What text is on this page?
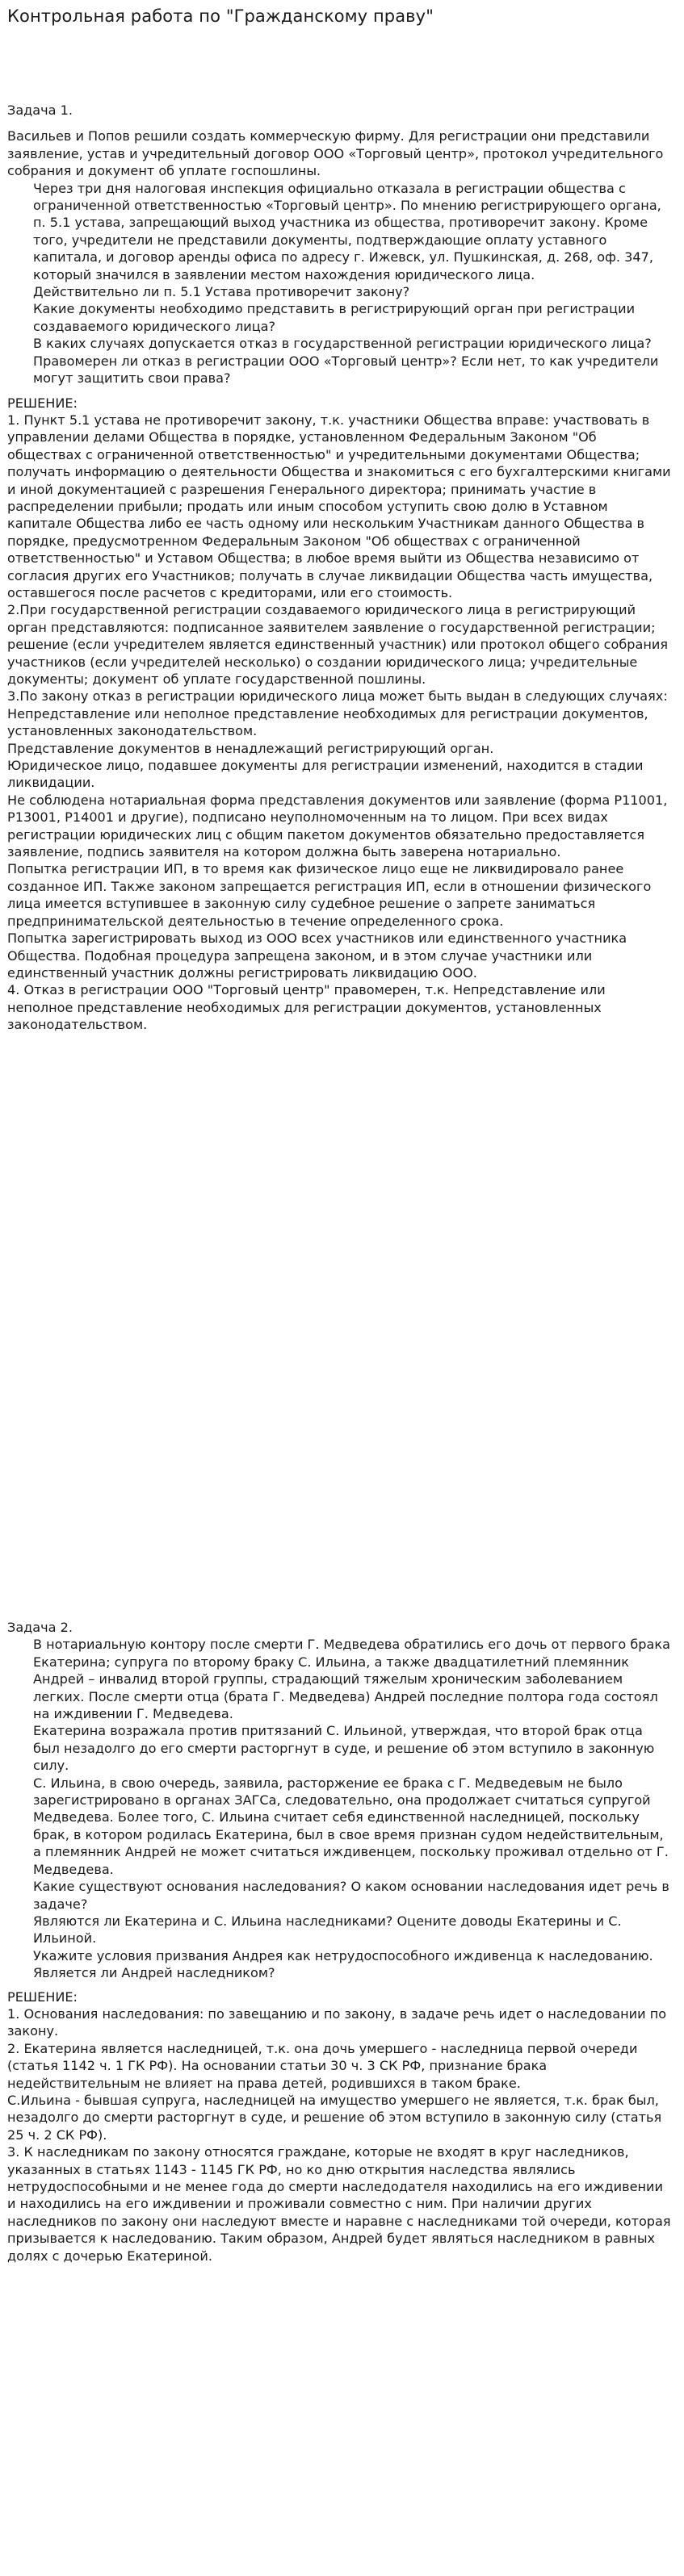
Контрольная работа по "Гражданскому праву"

Задача 1.

Васильев и Попов решили создать коммерческую фирму. Для регистрации они представили заявление, устав и учредительный договор ООО «Торговый центр», протокол учредительного собрания и документ об уплате госпошлины.

Через три дня налоговая инспекция официально отказала в регистрации общества с ограниченной ответственностью «Торговый центр». По мнению регистрирующего органа, п. 5.1 устава, запрещающий выход участника из общества, противоречит закону. Кроме того, учредители не представили документы, подтверждающие оплату уставного капитала, и договор аренды офиса по адресу г. Ижевск, ул. Пушкинская, д. 268, оф. 347, который значился в заявлении местом нахождения юридического лица.

Действительно ли п. 5.1 Устава противоречит закону?

Какие документы необходимо представить в регистрирующий орган при регистрации создаваемого юридического лица?

В каких случаях допускается отказ в государственной регистрации юридического лица?

Правомерен ли отказ в регистрации ООО «Торговый центр»? Если нет, то как учредители могут защитить свои права?

РЕШЕНИЕ:

1. Пункт 5.1 устава не противоречит закону, т.к. участники Общества вправе: участвовать в управлении делами Общества в порядке, установленном Федеральным Законом "Об обществах с ограниченной ответственностью" и учредительными документами Общества; получать информацию о деятельности Общества и знакомиться с его бухгалтерскими книгами и иной документацией с разрешения Генерального директора; принимать участие в распределении прибыли; продать или иным способом уступить свою долю в Уставном капитале Общества либо ее часть одному или нескольким Участникам данного Общества в порядке, предусмотренном Федеральным Законом "Об обществах с ограниченной ответственностью" и Уставом Общества; в любое время выйти из Общества независимо от согласия других его Участников; получать в случае ликвидации Общества часть имущества, оставшегося после расчетов с кредиторами, или его стоимость.

2.При государственной регистрации создаваемого юридического лица в регистрирующий орган представляются: подписанное заявителем заявление о государственной регистрации; решение (если учредителем является единственный участник) или протокол общего собрания участников (если учредителей несколько) о создании юридического лица; учредительные документы; документ об уплате государственной пошлины.

3.По закону отказ в регистрации юридического лица может быть выдан в следующих случаях:

Непредставление или неполное представление необходимых для регистрации документов, установленных законодательством.

Представление документов в ненадлежащий регистрирующий орган.

Юридическое лицо, подавшее документы для регистрации изменений, находится в стадии ликвидации.

Не соблюдена нотариальная форма представления документов или заявление (форма Р11001, Р13001, Р14001 и другие), подписано неуполномоченным на то лицом. При всех видах регистрации юридических лиц с общим пакетом документов обязательно предоставляется заявление, подпись заявителя на котором должна быть заверена нотариально.

Попытка регистрации ИП, в то время как физическое лицо еще не ликвидировало ранее созданное ИП. Также законом запрещается регистрация ИП, если в отношении физического лица имеется вступившее в законную силу судебное решение о запрете заниматься предпринимательской деятельностью в течение определенного срока.

Попытка зарегистрировать выход из ООО всех участников или единственного участника Общества. Подобная процедура запрещена законом, и в этом случае участники или единственный участник должны регистрировать ликвидацию ООО.

4. Отказ в регистрации ООО "Торговый центр" правомерен, т.к. Непредставление или неполное представление необходимых для регистрации документов, установленных законодательством.

Задача 2.

В нотариальную контору после смерти Г. Медведева обратились его дочь от первого брака Екатерина; супруга по второму браку С. Ильина, а также двадцатилетний племянник Андрей – инвалид второй группы, страдающий тяжелым хроническим заболеванием легких. После смерти отца (брата Г. Медведева) Андрей последние полтора года состоял на иждивении Г. Медведева.

Екатерина возражала против притязаний С. Ильиной, утверждая, что второй брак отца был незадолго до его смерти расторгнут в суде, и решение об этом вступило в законную силу.

С. Ильина, в свою очередь, заявила, расторжение ее брака с Г. Медведевым не было зарегистрировано в органах ЗАГСа, следовательно, она продолжает считаться супругой Медведева. Более того, С. Ильина считает себя единственной наследницей, поскольку брак, в котором родилась Екатерина, был в свое время признан судом недействительным, а племянник Андрей не может считаться иждивенцем, поскольку проживал отдельно от Г. Медведева.

Какие существуют основания наследования? О каком основании наследования идет речь в задаче?

Являются ли Екатерина и С. Ильина наследниками? Оцените доводы Екатерины и С. Ильиной.

Укажите условия призвания Андрея как нетрудоспособного иждивенца к наследованию. Является ли Андрей наследником?

РЕШЕНИЕ:

1. Основания наследования: по завещанию и по закону, в задаче речь идет о наследовании по закону.

2. Екатерина является наследницей, т.к. она дочь умершего - наследница первой очереди (статья 1142 ч. 1 ГК РФ). На основании статьи 30 ч. 3 СК РФ, признание брака недействительным не влияет на права детей, родившихся в таком браке.

С.Ильина - бывшая супруга, наследницей на имущество умершего не является, т.к. брак был, незадолго до смерти расторгнут в суде, и решение об этом вступило в законную силу (статья 25 ч. 2 СК РФ).

3. К наследникам по закону относятся граждане, которые не входят в круг наследников, указанных в статьях 1143 - 1145 ГК РФ, но ко дню открытия наследства являлись нетрудоспособными и не менее года до смерти наследодателя находились на его иждивении и находились на его иждивении и проживали совместно с ним. При наличии других наследников по закону они наследуют вместе и наравне с наследниками той очереди, которая призывается к наследованию. Таким образом, Андрей будет являться наследником в равных долях с дочерью Екатериной.
